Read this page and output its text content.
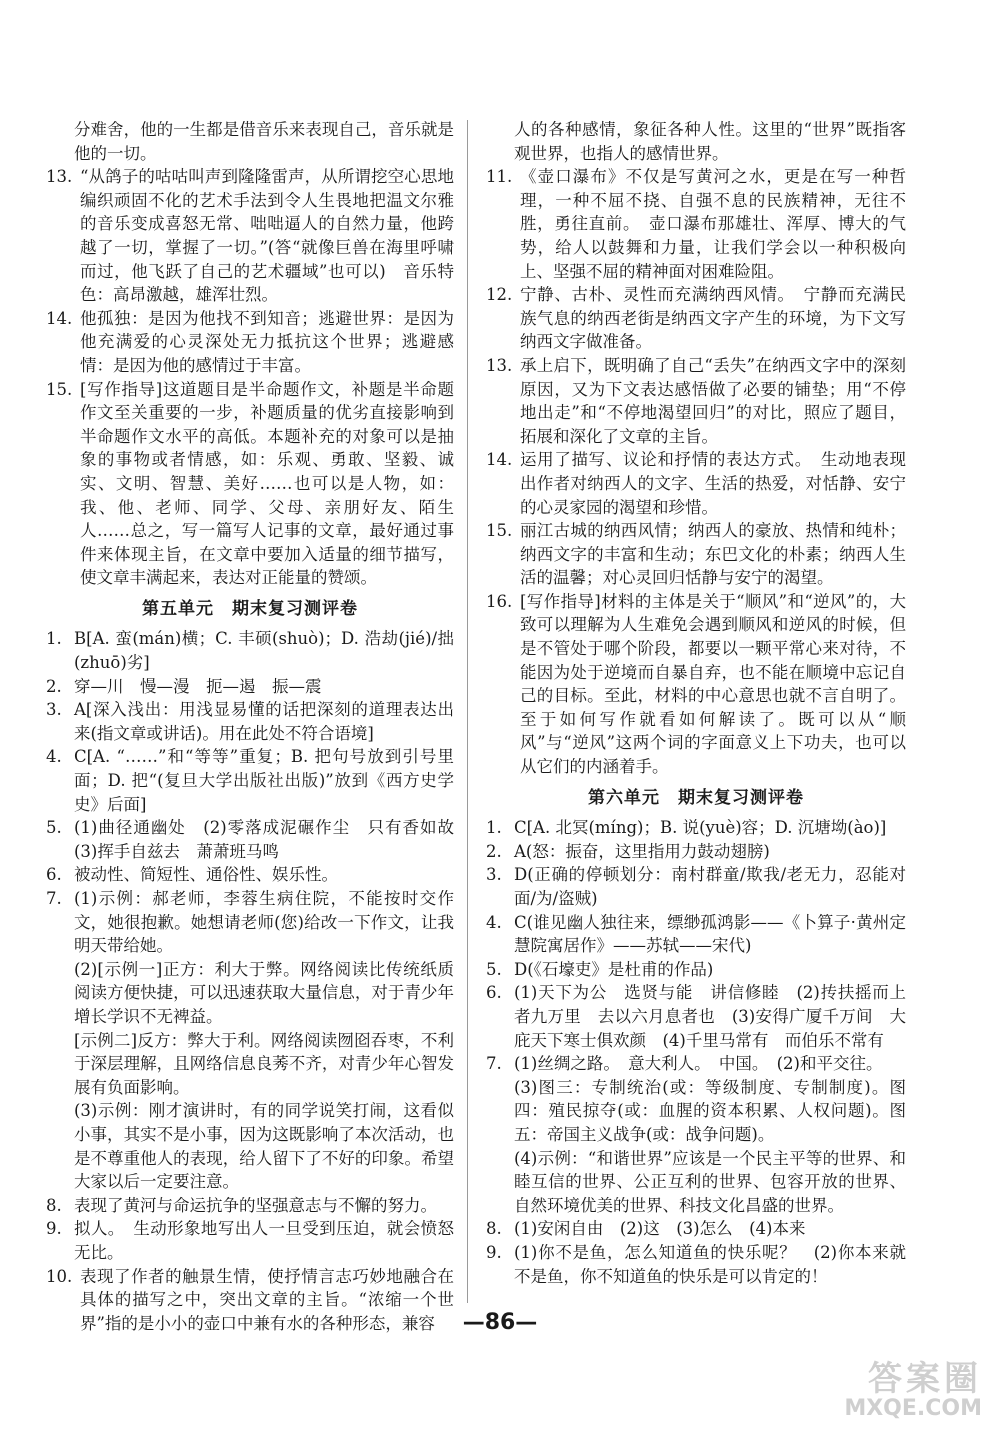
分难舍，他的一生都是借音乐来表现自己，音乐就是他的一切。
13. “从鸽子的咕咕叫声到隆隆雷声，从所谓挖空心思地编织顽固不化的艺术手法到令人生畏地把温文尔雅的音乐变成喜怒无常、咄咄逼人的自然力量，他跨越了一切，掌握了一切。”(答“就像巨兽在海里呼啸而过，他飞跃了自己的艺术疆域”也可以)　音乐特色：高昂激越，雄浑壮烈。
14. 他孤独：是因为他找不到知音；逃避世界：是因为他充满爱的心灵深处无力抵抗这个世界；逃避感情：是因为他的感情过于丰富。
15. [写作指导]这道题目是半命题作文，补题是半命题作文至关重要的一步，补题质量的优劣直接影响到半命题作文水平的高低。本题补充的对象可以是抽象的事物或者情感，如：乐观、勇敢、坚毅、诚实、文明、智慧、美好……也可以是人物，如：我、他、老师、同学、父母、亲朋好友、陌生人……总之，写一篇写人记事的文章，最好通过事件来体现主旨，在文章中要加入适量的细节描写，使文章丰满起来，表达对正能量的赞颂。
第五单元　期末复习测评卷
1. B[A. 蛮(mán)横；C. 丰硕(shuò)；D. 浩劫(jié)/拙(zhuō)劣]
2. 穿—川　慢—漫　扼—遏　振—震
3. A[深入浅出：用浅显易懂的话把深刻的道理表达出来(指文章或讲话)。用在此处不符合语境]
4. C[A. “……”和“等等”重复；B. 把句号放到引号里面；D. 把“(复旦大学出版社出版)”放到《西方史学史》后面]
5. (1)曲径通幽处　(2)零落成泥碾作尘　只有香如故　(3)挥手自兹去　萧萧班马鸣
6. 被动性、简短性、通俗性、娱乐性。
7. (1)示例：郝老师，李蓉生病住院，不能按时交作文，她很抱歉。她想请老师(您)给改一下作文，让我明天带给她。
(2)[示例一]正方：利大于弊。网络阅读比传统纸质阅读方便快捷，可以迅速获取大量信息，对于青少年增长学识不无裨益。
[示例二]反方：弊大于利。网络阅读囫囵吞枣，不利于深层理解，且网络信息良莠不齐，对青少年心智发展有负面影响。
(3)示例：刚才演讲时，有的同学说笑打闹，这看似小事，其实不是小事，因为这既影响了本次活动，也是不尊重他人的表现，给人留下了不好的印象。希望大家以后一定要注意。
8. 表现了黄河与命运抗争的坚强意志与不懈的努力。
9. 拟人。　生动形象地写出人一旦受到压迫，就会愤怒无比。
10. 表现了作者的触景生情，使抒情言志巧妙地融合在具体的描写之中，突出文章的主旨。“浓缩一个世界”指的是小小的壶口中兼有水的各种形态，兼容
人的各种感情，象征各种人性。这里的“世界”既指客观世界，也指人的感情世界。
11. 《壶口瀑布》不仅是写黄河之水，更是在写一种哲理，一种不屈不挠、自强不息的民族精神，无往不胜，勇往直前。　壶口瀑布那雄壮、浑厚、博大的气势，给人以鼓舞和力量，让我们学会以一种积极向上、坚强不屈的精神面对困难险阻。
12. 宁静、古朴、灵性而充满纳西风情。　宁静而充满民族气息的纳西老街是纳西文字产生的环境，为下文写纳西文字做准备。
13. 承上启下，既明确了自己“丢失”在纳西文字中的深刻原因，又为下文表达感悟做了必要的铺垫；用“不停地出走”和“不停地渴望回归”的对比，照应了题目，拓展和深化了文章的主旨。
14. 运用了描写、议论和抒情的表达方式。　生动地表现出作者对纳西人的文字、生活的热爱，对恬静、安宁的心灵家园的渴望和珍惜。
15. 丽江古城的纳西风情；纳西人的豪放、热情和纯朴；纳西文字的丰富和生动；东巴文化的朴素；纳西人生活的温馨；对心灵回归恬静与安宁的渴望。
16. [写作指导]材料的主体是关于“顺风”和“逆风”的，大致可以理解为人生难免会遇到顺风和逆风的时候，但是不管处于哪个阶段，都要以一颗平常心来对待，不能因为处于逆境而自暴自弃，也不能在顺境中忘记自己的目标。至此，材料的中心意思也就不言自明了。至于如何写作就看如何解读了。既可以从“顺风”与“逆风”这两个词的字面意义上下功夫，也可以从它们的内涵着手。
第六单元　期末复习测评卷
1. C[A. 北冥(míng)；B. 说(yuè)容；D. 沉塘坳(ào)]
2. A(怒：振奋，这里指用力鼓动翅膀)
3. D(正确的停顿划分：南村群童/欺我/老无力，忍能对面/为/盗贼)
4. C(谁见幽人独往来，缥缈孤鸿影——《卜算子·黄州定慧院寓居作》——苏轼——宋代)
5. D(《石壕吏》是杜甫的作品)
6. (1)天下为公　选贤与能　讲信修睦　(2)抟扶摇而上者九万里　去以六月息者也　(3)安得广厦千万间　大庇天下寒士俱欢颜　(4)千里马常有　而伯乐不常有
7. (1)丝绸之路。　意大利人。　中国。　(2)和平交往。
(3)图三：专制统治(或：等级制度、专制制度)。图四：殖民掠夺(或：血腥的资本积累、人权问题)。图五：帝国主义战争(或：战争问题)。
(4)示例：“和谐世界”应该是一个民主平等的世界、和睦互信的世界、公正互利的世界、包容开放的世界、自然环境优美的世界、科技文化昌盛的世界。
8. (1)安闲自由　(2)这　(3)怎么　(4)本来
9. (1)你不是鱼，怎么知道鱼的快乐呢？　(2)你本来就不是鱼，你不知道鱼的快乐是可以肯定的！
—86—
答案圈
MXQE.COM
